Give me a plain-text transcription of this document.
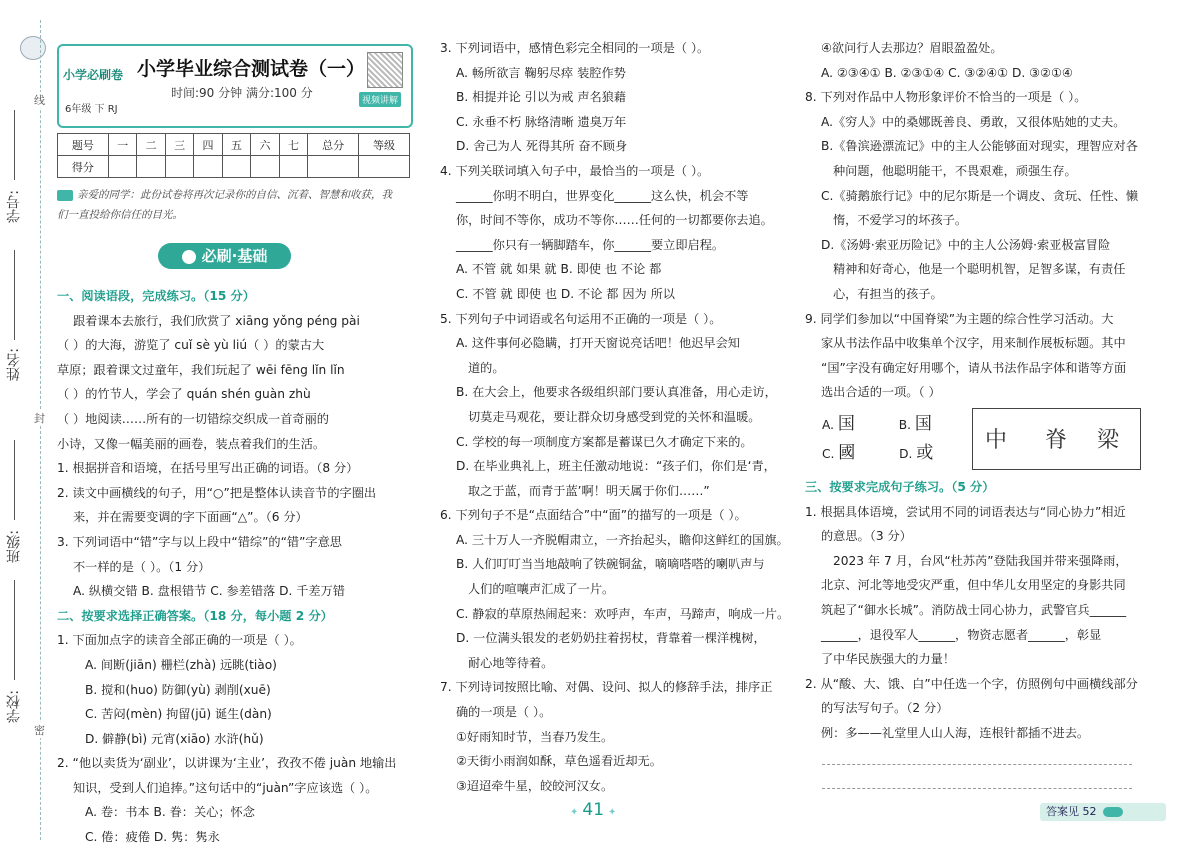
线
学号:
姓名:
封
班级:
学校:
密
小学必刷卷
6年级 下 RJ
小学毕业综合测试卷（一）
时间:90 分钟 满分:100 分
视频讲解
题号	一	二	三	四	五	六	七	总分	等级
得分									
亲爱的同学：此份试卷将再次记录你的自信、沉着、智慧和收获，我
们一直投给你信任的目光。
必刷·基础
一、阅读语段，完成练习。（15 分）
跟着课本去旅行，我们欣赏了 xiāng yǒng péng pài
（ ）的大海，游览了 cuǐ sè yù liú（ ）的蒙古大
草原；跟着课文过童年，我们玩起了 wēi fēng lǐn lǐn
（ ）的竹节人，学会了 quán shén guàn zhù
（ ）地阅读……所有的一切错综交织成一首奇丽的
小诗，又像一幅美丽的画卷，装点着我们的生活。
1. 根据拼音和语境，在括号里写出正确的词语。（8 分）
2. 读文中画横线的句子，用“○”把是整体认读音节的字圈出
来，并在需要变调的字下面画“△”。（6 分）
3. 下列词语中“错”字与以上段中“错综”的“错”字意思
不一样的是（ ）。（1 分）
A. 纵横交错 B. 盘根错节 C. 参差错落 D. 千差万错
二、按要求选择正确答案。（18 分，每小题 2 分）
1. 下面加点字的读音全部正确的一项是（ ）。
A. 间断(jiān) 栅栏(zhà) 远眺(tiào)
B. 搅和(huo) 防御(yù) 剥削(xuē)
C. 苦闷(mèn) 拘留(jū) 诞生(dàn)
D. 僻静(bì) 元宵(xiāo) 水浒(hǔ)
2. “他以卖货为‘副业’，以讲课为‘主业’，孜孜不倦 juàn 地输出
知识，受到人们追捧。”这句话中的“juàn”字应该选（ ）。
A. 卷：书本 B. 眷：关心；怀念
C. 倦：疲倦 D. 隽：隽永
3. 下列词语中，感情色彩完全相同的一项是（ ）。
A. 畅所欲言 鞠躬尽瘁 装腔作势
B. 相提并论 引以为戒 声名狼藉
C. 永垂不朽 脉络清晰 遗臭万年
D. 舍己为人 死得其所 奋不顾身
4. 下列关联词填入句子中，最恰当的一项是（ ）。
______你明不明白，世界变化______这么快，机会不等
你，时间不等你，成功不等你……任何的一切都要你去追。
______你只有一辆脚踏车，你______要立即启程。
A. 不管 就 如果 就 B. 即使 也 不论 都
C. 不管 就 即使 也 D. 不论 都 因为 所以
5. 下列句子中词语或名句运用不正确的一项是（ ）。
A. 这件事何必隐瞒，打开天窗说亮话吧！他迟早会知
道的。
B. 在大会上，他要求各级组织部门要认真准备，用心走访，
切莫走马观花，要让群众切身感受到党的关怀和温暖。
C. 学校的每一项制度方案都是蓄谋已久才确定下来的。
D. 在毕业典礼上，班主任激动地说：“孩子们，你们是‘青，
取之于蓝，而青于蓝’啊！明天属于你们……”
6. 下列句子不是“点面结合”中“面”的描写的一项是（ ）。
A. 三十万人一齐脱帽肃立，一齐抬起头，瞻仰这鲜红的国旗。
B. 人们叮叮当当地敲响了铁碗铜盆，嘀嘀嗒嗒的喇叭声与
人们的喧嚷声汇成了一片。
C. 静寂的草原热闹起来：欢呼声，车声，马蹄声，响成一片。
D. 一位满头银发的老奶奶拄着拐杖，背靠着一棵洋槐树，
耐心地等待着。
7. 下列诗词按照比喻、对偶、设问、拟人的修辞手法，排序正
确的一项是（ ）。
①好雨知时节，当春乃发生。
②天街小雨润如酥，草色遥看近却无。
③迢迢牵牛星，皎皎河汉女。
④欲问行人去那边？眉眼盈盈处。
A. ②③④① B. ②③①④ C. ③②④① D. ③②①④
8. 下列对作品中人物形象评价不恰当的一项是（ ）。
A.《穷人》中的桑娜既善良、勇敢，又很体贴她的丈夫。
B.《鲁滨逊漂流记》中的主人公能够面对现实，理智应对各
种问题，他聪明能干，不畏艰难，顽强生存。
C.《骑鹅旅行记》中的尼尔斯是一个调皮、贪玩、任性、懒
惰，不爱学习的坏孩子。
D.《汤姆·索亚历险记》中的主人公汤姆·索亚极富冒险
精神和好奇心，他是一个聪明机智，足智多谋，有责任
心，有担当的孩子。
9. 同学们参加以“中国脊梁”为主题的综合性学习活动。大
家从书法作品中收集单个汉字，用来制作展板标题。其中
“国”字没有确定好用哪个，请从书法作品字体和谐等方面
选出合适的一项。（ ）
A. 国	B. 国
C. 國	D. 或 中 脊 梁
三、按要求完成句子练习。（5 分）
1. 根据具体语境，尝试用不同的词语表达与“同心协力”相近
的意思。（3 分）
2023 年 7 月，台风“杜苏芮”登陆我国并带来强降雨，
北京、河北等地受灾严重，但中华儿女用坚定的身影共同
筑起了“御水长城”。消防战士同心协力，武警官兵______
______，退役军人______，物资志愿者______，彰显
了中华民族强大的力量！
2. 从“酸、大、饿、白”中任选一个字，仿照例句中画横线部分
的写法写句子。（2 分）
例：多——礼堂里人山人海，连根针都插不进去。
✦ 41 ✦	答案见 52
